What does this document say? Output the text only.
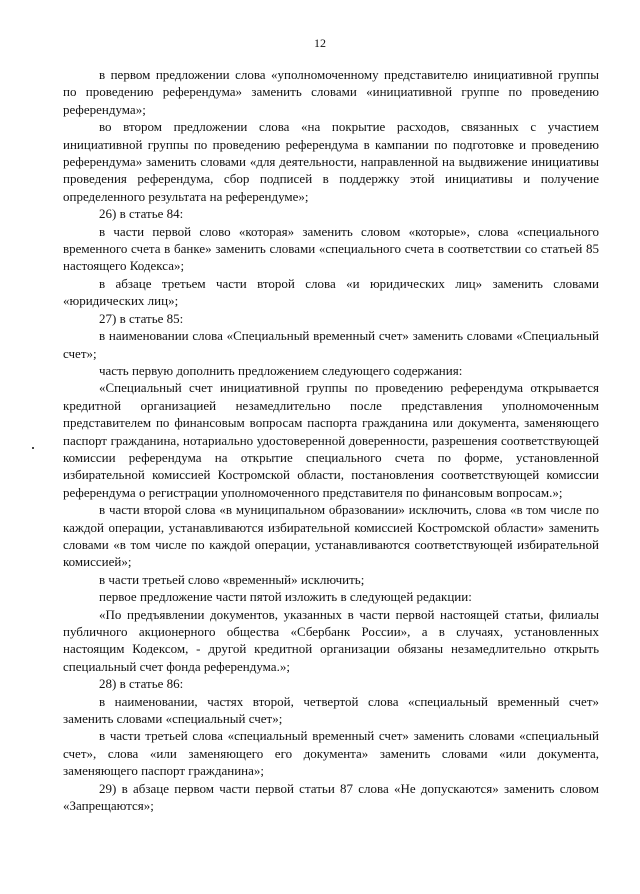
12

в первом предложении слова «уполномоченному представителю инициативной группы по проведению референдума» заменить словами «инициативной группе по проведению референдума»;

во втором предложении слова «на покрытие расходов, связанных с участием инициативной группы по проведению референдума в кампании по подготовке и проведению референдума» заменить словами «для деятельности, направленной на выдвижение инициативы проведения референдума, сбор подписей в поддержку этой инициативы и получение определенного результата на референдуме»;

26) в статье 84:

в части первой слово «которая» заменить словом «которые», слова «специального временного счета в банке» заменить словами «специального счета в соответствии со статьей 85 настоящего Кодекса»;

в абзаце третьем части второй слова «и юридических лиц» заменить словами «юридических лиц»;

27) в статье 85:

в наименовании слова «Специальный временный счет» заменить словами «Специальный счет»;

часть первую дополнить предложением следующего содержания:

«Специальный счет инициативной группы по проведению референдума открывается кредитной организацией незамедлительно после представления уполномоченным представителем по финансовым вопросам паспорта гражданина или документа, заменяющего паспорт гражданина, нотариально удостоверенной доверенности, разрешения соответствующей комиссии референдума на открытие специального счета по форме, установленной избирательной комиссией Костромской области, постановления соответствующей комиссии референдума о регистрации уполномоченного представителя по финансовым вопросам.»;

в части второй слова «в муниципальном образовании» исключить, слова «в том числе по каждой операции, устанавливаются избирательной комиссией Костромской области» заменить словами «в том числе по каждой операции, устанавливаются соответствующей избирательной комиссией»;

в части третьей слово «временный» исключить;

первое предложение части пятой изложить в следующей редакции:

«По предъявлении документов, указанных в части первой настоящей статьи, филиалы публичного акционерного общества «Сбербанк России», а в случаях, установленных настоящим Кодексом, - другой кредитной организации обязаны незамедлительно открыть специальный счет фонда референдума.»;

28) в статье 86:

в наименовании, частях второй, четвертой слова «специальный временный счет» заменить словами «специальный счет»;

в части третьей слова «специальный временный счет» заменить словами «специальный счет», слова «или заменяющего его документа» заменить словами «или документа, заменяющего паспорт гражданина»;

29) в абзаце первом части первой статьи 87 слова «Не допускаются» заменить словом «Запрещаются»;
